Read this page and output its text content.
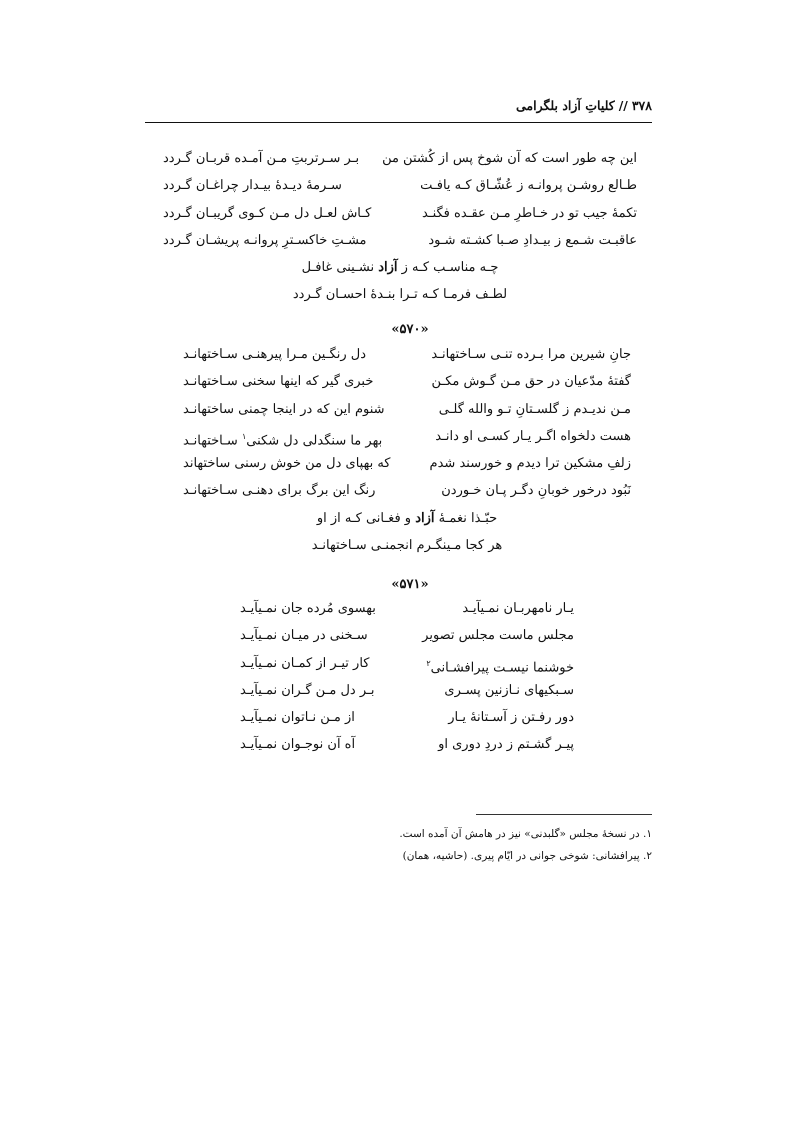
۳۷۸//کلیاتِ آزاد بلگرامی
این چه طور است که آن شوخ پس از کُشتن من
بـر سـرتربتِ مـن آمـده قربـان گـردد
طـالع روشـن پروانـه ز عُشّـاق کـه یافـت
سـرمهٔ دیـدهٔ بیـدار چراغـان گـردد
تکمهٔ جیب تو در خـاطرِ مـن عقـده فگنـد
کـاش لعـل دل مـن کـوی گریبـان گـردد
عاقبـت شـمع ز بیـدادِ صـبا کشـته شـود
مشـتِ خاکسـترِ پروانـه پریشـان گـردد
چـه مناسـب کـه ز آزاد نشـینی غافـل
لطـف فرمـا کـه تـرا بنـدهٔ احسـان گـردد
«۵۷۰»
جانِ شیرین مرا بـرده تنـی سـاختهانـد
دل رنگـین مـرا پیرهنـی سـاختهانـد
گفتهٔ مدّعیان در حق مـن گـوش مکـن
خبری گیر که اینها سخنی سـاختهانـد
مـن ندیـدم ز گلسـتانِ تـو والله گلـی
شنوم این که در اینجا چمنی ساختهانـد
هست دلخواه اگـر یـار کسـی او دانـد
بهر ما سنگدلی دل شکنی$^۱$ سـاختهانـد
زلفِ مشکین ترا دیدم و خورسند شدم
که بهپای دل من خوش رسنی ساختهاند
نَبُود درخور خوبانِ دگـر پـان خـوردن
رنگ این برگ برای دهنـی سـاختهانـد
حبّـذا نغمـهٔ آزاد و فغـانی کـه از او
هر کجا مـینگـرم انجمنـی سـاختهانـد
«۵۷۱»
یـار نامهربـان نمـیآیـد
بهسوی مُرده جان نمـیآیـد
مجلس ماست مجلس تصویر
سـخنی در میـان نمـیآیـد
خوشنما نیسـت پیرافشـانی$^۲$
کار تیـر از کمـان نمـیآیـد
سـبکیهای نـازنین پسـری
بـر دل مـن گـران نمـیآیـد
دور رفـتن ز آسـتانهٔ یـار
از مـن نـاتوان نمـیآیـد
پیـر گشـتم ز دردِ دوری او
آه آن نوجـوان نمـیآیـد
۱. در نسخهٔ مجلس «گلبدنی» نیز در هامش آن آمده است.
۲. پیرافشانی: شوخی جوانی در ایّام پیری. (حاشیه، همان)
